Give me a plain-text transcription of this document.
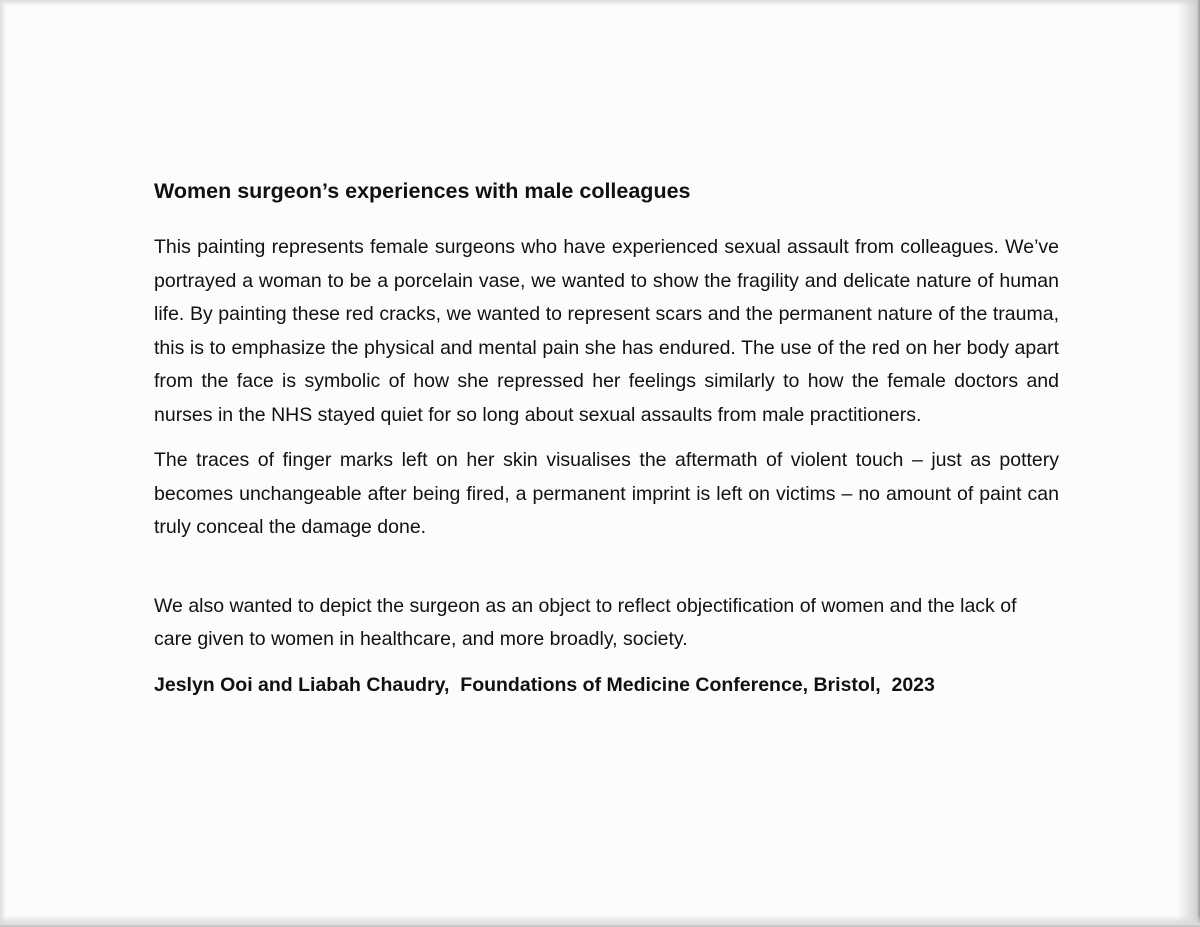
Women surgeon’s experiences with male colleagues

This painting represents female surgeons who have experienced sexual assault from colleagues. We’ve portrayed a woman to be a porcelain vase, we wanted to show the fragility and delicate nature of human life. By painting these red cracks, we wanted to represent scars and the permanent nature of the trauma, this is to emphasize the physical and mental pain she has endured. The use of the red on her body apart from the face is symbolic of how she repressed her feelings similarly to how the female doctors and nurses in the NHS stayed quiet for so long about sexual assaults from male practitioners.

The traces of finger marks left on her skin visualises the aftermath of violent touch – just as pottery becomes unchangeable after being fired, a permanent imprint is left on victims – no amount of paint can truly conceal the damage done.

We also wanted to depict the surgeon as an object to reflect objectification of women and the lack of care given to women in healthcare, and more broadly, society.

Jeslyn Ooi and Liabah Chaudry,  Foundations of Medicine Conference, Bristol,  2023
